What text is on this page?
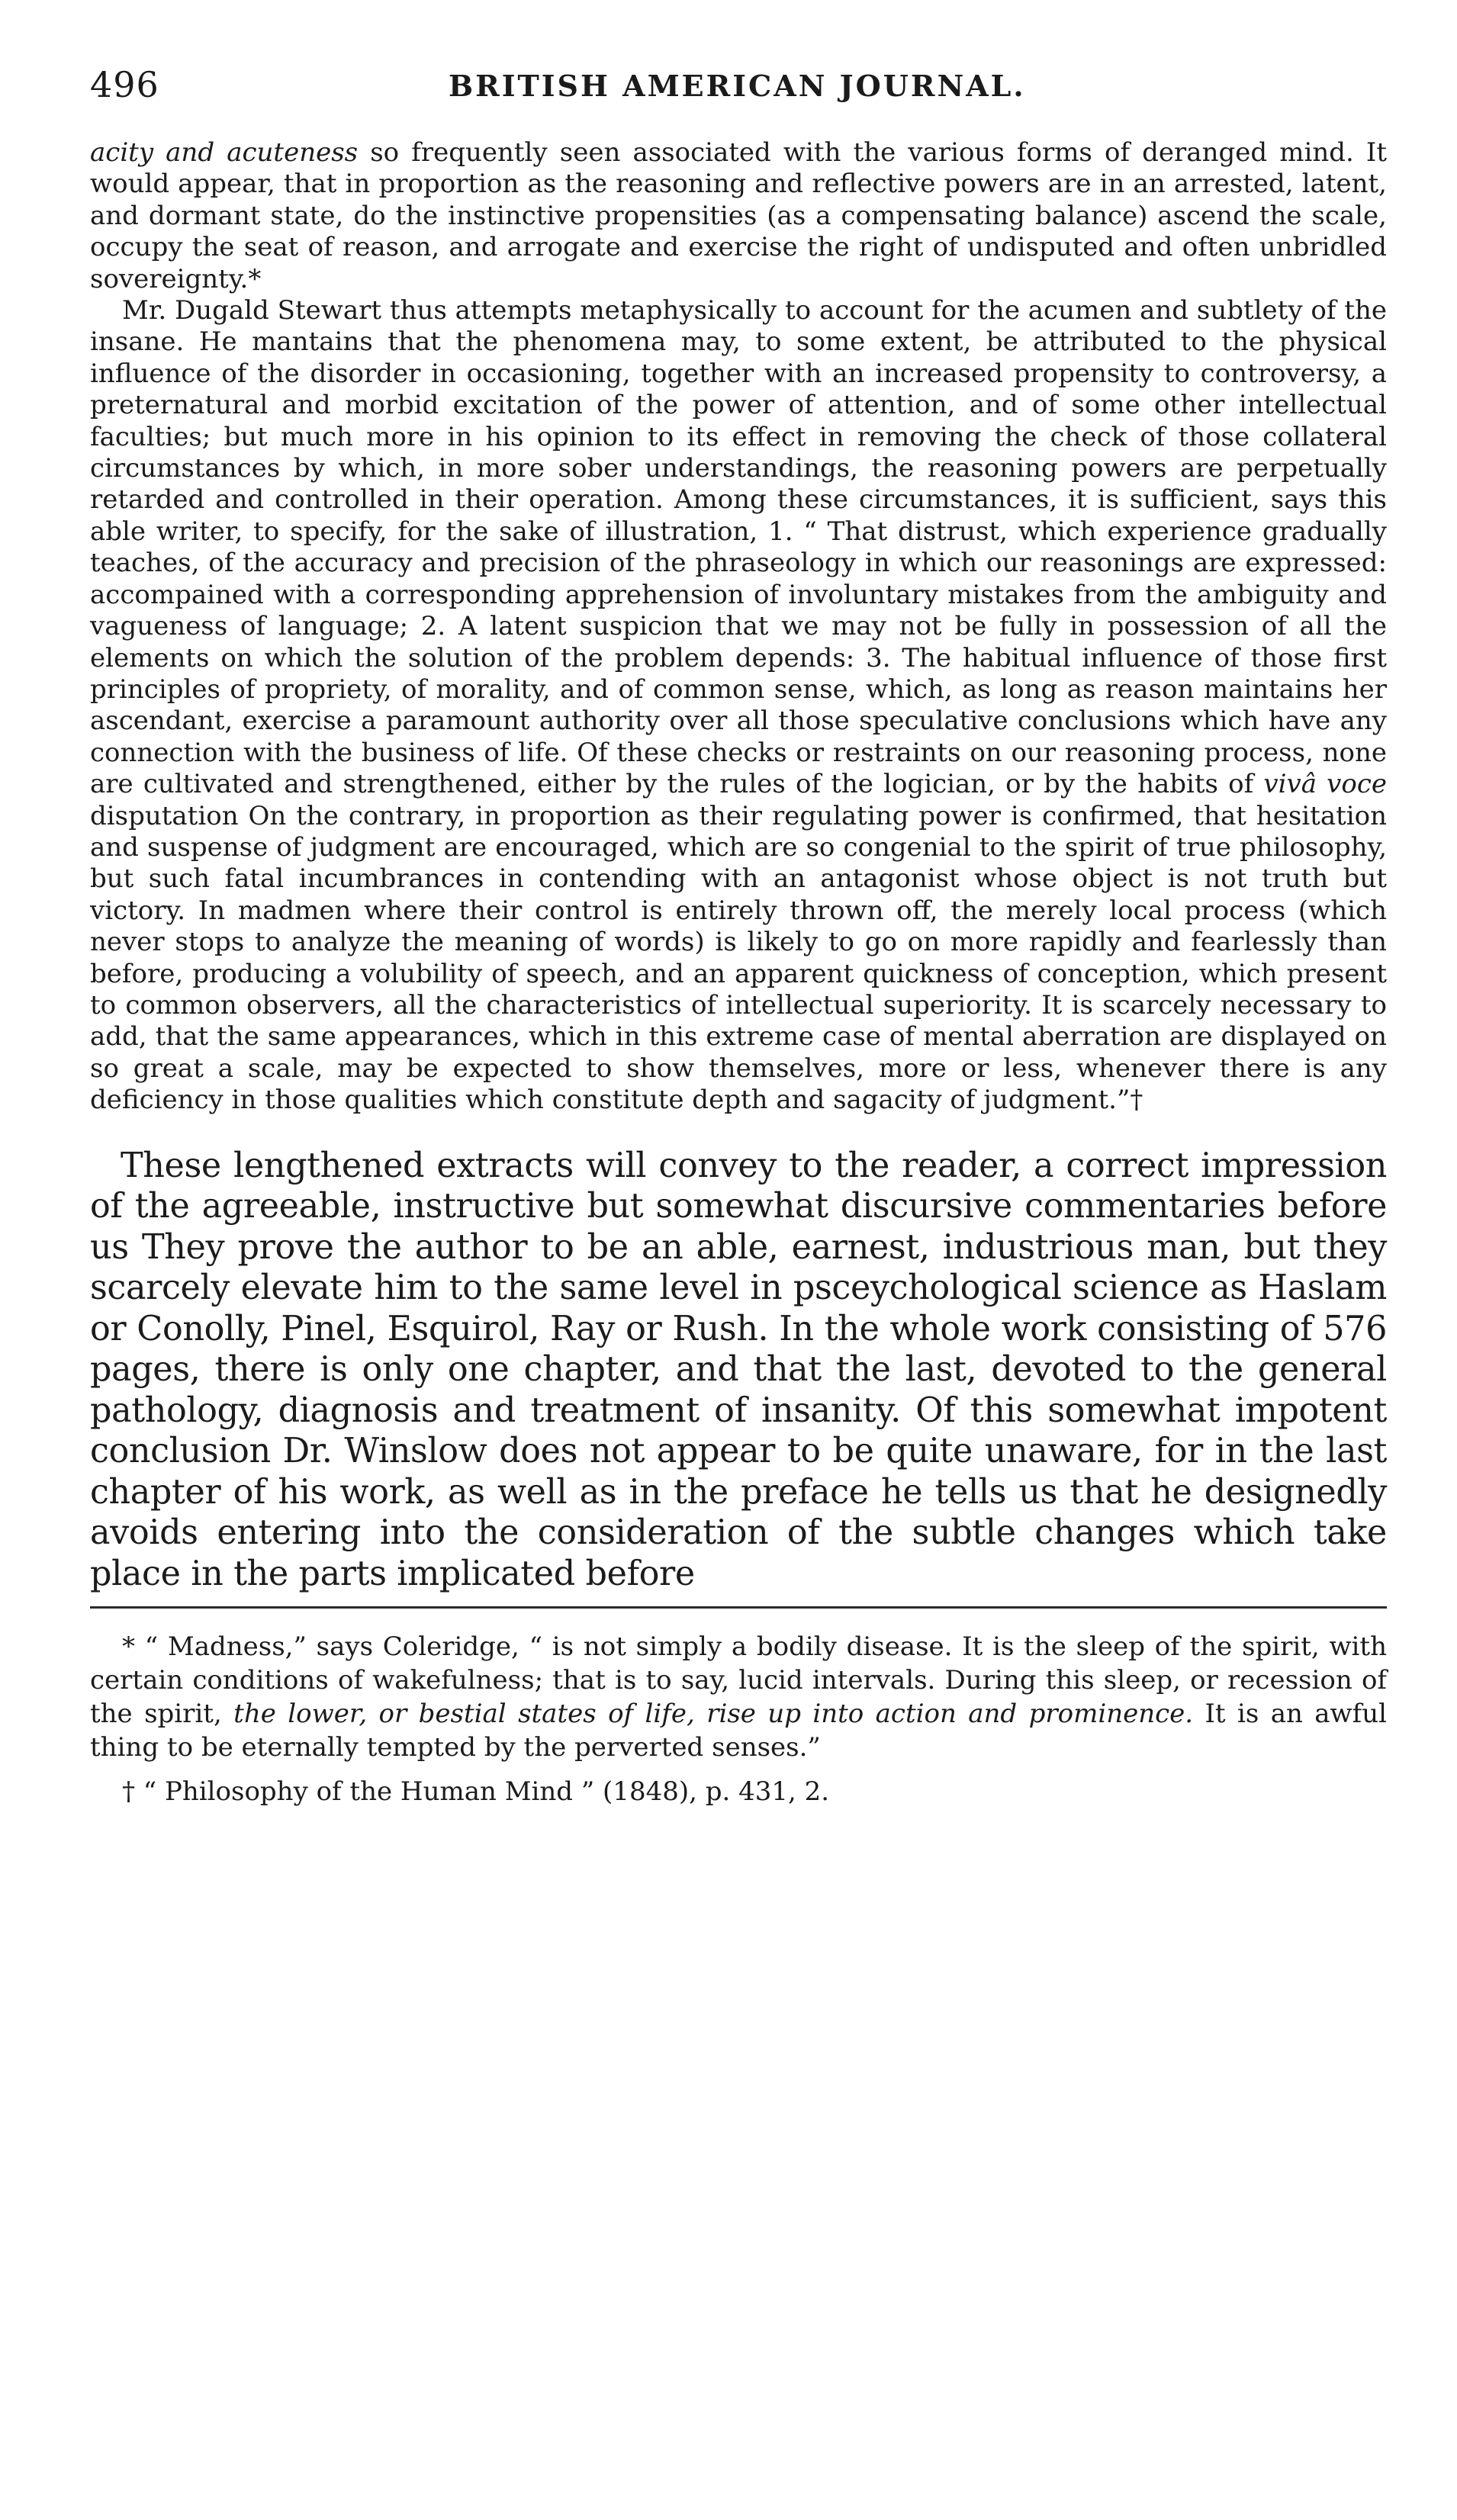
496	BRITISH AMERICAN JOURNAL.

acity and acuteness so frequently seen associated with the various forms of deranged mind. It would appear, that in proportion as the reasoning and reflective powers are in an arrested, latent, and dormant state, do the instinctive propensities (as a compensating balance) ascend the scale, occupy the seat of reason, and arrogate and exercise the right of undisputed and often unbridled sovereignty.*

Mr. Dugald Stewart thus attempts metaphysically to account for the acumen and subtlety of the insane. He mantains that the phenomena may, to some extent, be attributed to the physical influence of the disorder in occasioning, together with an increased propensity to controversy, a preternatural and morbid excitation of the power of attention, and of some other intellectual faculties; but much more in his opinion to its effect in removing the check of those collateral circumstances by which, in more sober understandings, the reasoning powers are perpetually retarded and controlled in their operation. Among these circumstances, it is sufficient, says this able writer, to specify, for the sake of illustration, 1. “ That distrust, which experience gradually teaches, of the accuracy and precision of the phraseology in which our reasonings are expressed: accompained with a corresponding apprehension of involuntary mistakes from the ambiguity and vagueness of language; 2. A latent suspicion that we may not be fully in possession of all the elements on which the solution of the problem depends: 3. The habitual influence of those first principles of propriety, of morality, and of common sense, which, as long as reason maintains her ascendant, exercise a paramount authority over all those speculative conclusions which have any connection with the business of life. Of these checks or restraints on our reasoning process, none are cultivated and strengthened, either by the rules of the logician, or by the habits of vivâ voce disputation On the contrary, in proportion as their regulating power is confirmed, that hesitation and suspense of judgment are encouraged, which are so congenial to the spirit of true philosophy, but such fatal incumbrances in contending with an antagonist whose object is not truth but victory. In madmen where their control is entirely thrown off, the merely local process (which never stops to analyze the meaning of words) is likely to go on more rapidly and fearlessly than before, producing a volubility of speech, and an apparent quickness of conception, which present to common observers, all the characteristics of intellectual superiority. It is scarcely necessary to add, that the same appearances, which in this extreme case of mental aberration are displayed on so great a scale, may be expected to show themselves, more or less, whenever there is any deficiency in those qualities which constitute depth and sagacity of judgment.”†

These lengthened extracts will convey to the reader, a correct impression of the agreeable, instructive but somewhat discursive commentaries before us They prove the author to be an able, earnest, industrious man, but they scarcely elevate him to the same level in psceychological science as Haslam or Conolly, Pinel, Esquirol, Ray or Rush. In the whole work consisting of 576 pages, there is only one chapter, and that the last, devoted to the general pathology, diagnosis and treatment of insanity. Of this somewhat impotent conclusion Dr. Winslow does not appear to be quite unaware, for in the last chapter of his work, as well as in the preface he tells us that he designedly avoids entering into the consideration of the subtle changes which take place in the parts implicated before

* “ Madness,” says Coleridge, “ is not simply a bodily disease. It is the sleep of the spirit, with certain conditions of wakefulness; that is to say, lucid intervals. During this sleep, or recession of the spirit, the lower, or bestial states of life, rise up into action and prominence. It is an awful thing to be eternally tempted by the perverted senses.”

† “ Philosophy of the Human Mind ” (1848), p. 431, 2.
